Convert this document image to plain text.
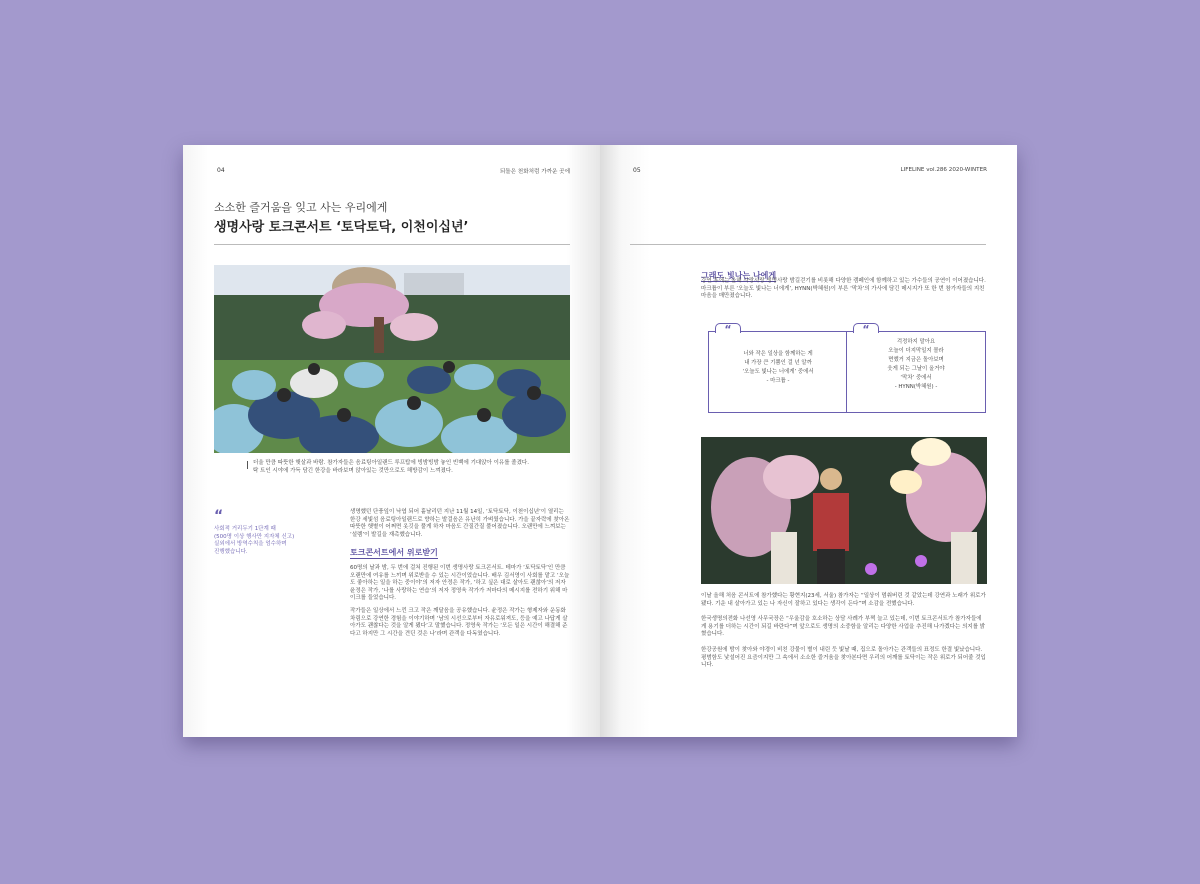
04	되돌은 천화처럼 가까운 곳에
소소한 즐거움을 잊고 사는 우리에게
생명사랑 토크콘서트 ‘토닥토닥, 이천이십년’
더울 만큼 따뜻한 햇살과 바람. 참가자들은 음료팅아일랜드 루프탑에 빙밤빙밤 놓인 빈백에 기대앉아 이유를 졸겼다.
탁 트인 시야에 가득 담긴 한강을 바라보며 앉아있는 것만으로도 해방감이 느껴졌다.
“
사회적 거리두기 1단계 때
(500명 이상 행사만 지자체 신고)
실외에서 방역수칙을 엄수하며
진행했습니다.

생명했던 단풍잎이 낙엽 되어 흩날리던 지난 11월 14일, ‘토닥토닥, 이천이십년’이 열리는 한강 세빛섬 음료팅아일랜드로 향하는 발걸음은 유난히 가벼웠습니다. 가을 끝자락에 찾아온 따뜻한 햇볕이 어쩌면 옷깃을 풀게 하자 마음도 간질간질 풀어졌습니다. 오랜만에 느껴보는 ‘설렘’이 발길을 재촉했습니다.

토크콘서트에서 위로받기

60명의 날과 밤, 두 번에 걸쳐 진행된 이번 생명사랑 토크콘서트. 테마가 ‘토닥토닥’인 만큼 오랜만에 여유를 느끼며 위로받을 수 있는 시간이었습니다. 배우 김서영이 사회를 맡고 ‘오늘도 좋아하는 일을 하는 중이야’의 저자 안정은 작가, ‘하고 싶은 대로 살아도 괜찮아’의 저자 윤정은 작가, ‘나를 사랑하는 연습’의 저자 정영욱 작가가 저마다의 메시지를 전하기 위해 마이크를 들었습니다.

작가들은 일상에서 느낀 크고 작은 깨달음을 공유했습니다. 윤정은 작가는 형제자와 운동화 차림으로 강연한 경험을 이야기하며 ‘남의 시선으로부터 자유로워져도, 등을 예고 나답게 살아가도 괜찮다는 것을 알게 됐다’고 말했습니다. 정영욱 작가는 ‘모든 일은 시간이 해결해 준다고 하지만 그 시간을 견딘 것은 나’라며 관객을 다독였습니다.

05	LIFELINE vol.286 2020-WINTER
그래도 빛나는 나에게
강연 후에는 올해 사랑사랑 생명사랑 밤길걷기를 비롯해 다양한 캠페인에 함께하고 있는 가수들의 공연이 이어졌습니다. 마크튭이 부른 ‘오늘도 빛나는 너에게’, HYNN(박혜원)이 부른 ‘막차’의 가사에 담긴 메시지가 또 한 번 참가자들의 지친 마음을 매만졌습니다.
“
너와 작은 일상을 함께하는 게
내 가장 큰 기쁨인 걸 넌 알까
‘오늘도 빛나는 너에게’ 중에서
- 마크튭 -
“
걱정하지 말아요
오늘이 더지막일지 몰라
면했거 지금은 돌아보며
웃게 되는 그날이 올거야
‘막차’ 중에서
- HYNN(박혜원) -

이날 올해 처음 콘서트에 참가했다는 황현지(23세, 서울) 참가자는 “일상이 멈춰버린 것 같았는데 강연과 노래가 위로가 됐다. 기운 내 살아가고 있는 나 자신이 잘하고 있다는 생각이 든다”며 소감을 전했습니다.

한국생명의전화 나선영 사무국장은 “우울감을 호소하는 상담 사례가 부쩍 늘고 있는데, 이번 토크콘서트가 참가자들에게 용기를 더하는 시간이 되길 바란다”며 앞으로도 생명의 소중함을 알리는 다양한 사업을 추진해 나가겠다는 의지를 밝혔습니다.

한강공원에 밤이 찾아와 야경이 비친 강물이 별이 내린 듯 빛날 때, 집으로 돌아가는 관객들의 표정도 한결 빛났습니다. 평범함도 낯설어진 요즘이지만 그 속에서 소소한 즐거움을 찾아본다면 우리의 어깨를 토닥이는 작은 위로가 되어줄 것입니다.
